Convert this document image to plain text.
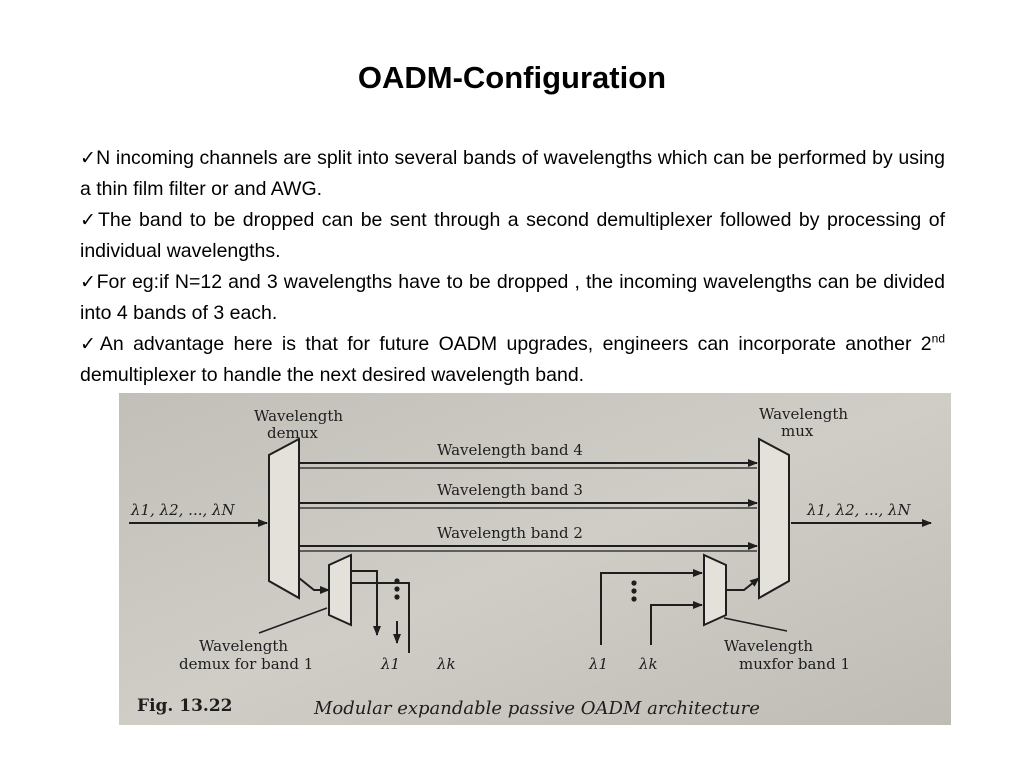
OADM-Configuration

✓N incoming channels are split into several bands of wavelengths which can be performed by using a thin film filter or and AWG.

✓The band to be dropped can be sent through a second demultiplexer followed by processing of individual wavelengths.

✓For eg:if N=12 and 3 wavelengths have to be dropped , the incoming wavelengths can be divided into 4 bands of 3 each.

✓An advantage here is that for future OADM upgrades, engineers can incorporate another 2nd demultiplexer to handle the next desired wavelength band.

Wavelength
demux
Wavelength
mux
Wavelength band 4
Wavelength band 3
Wavelength band 2
λ1, λ2, ..., λN	λ1, λ2, ..., λN
Wavelength
demux for band 1
Wavelength
muxfor band 1
λ1 λk	λ1 λk
Fig. 13.22	Modular expandable passive OADM architecture
